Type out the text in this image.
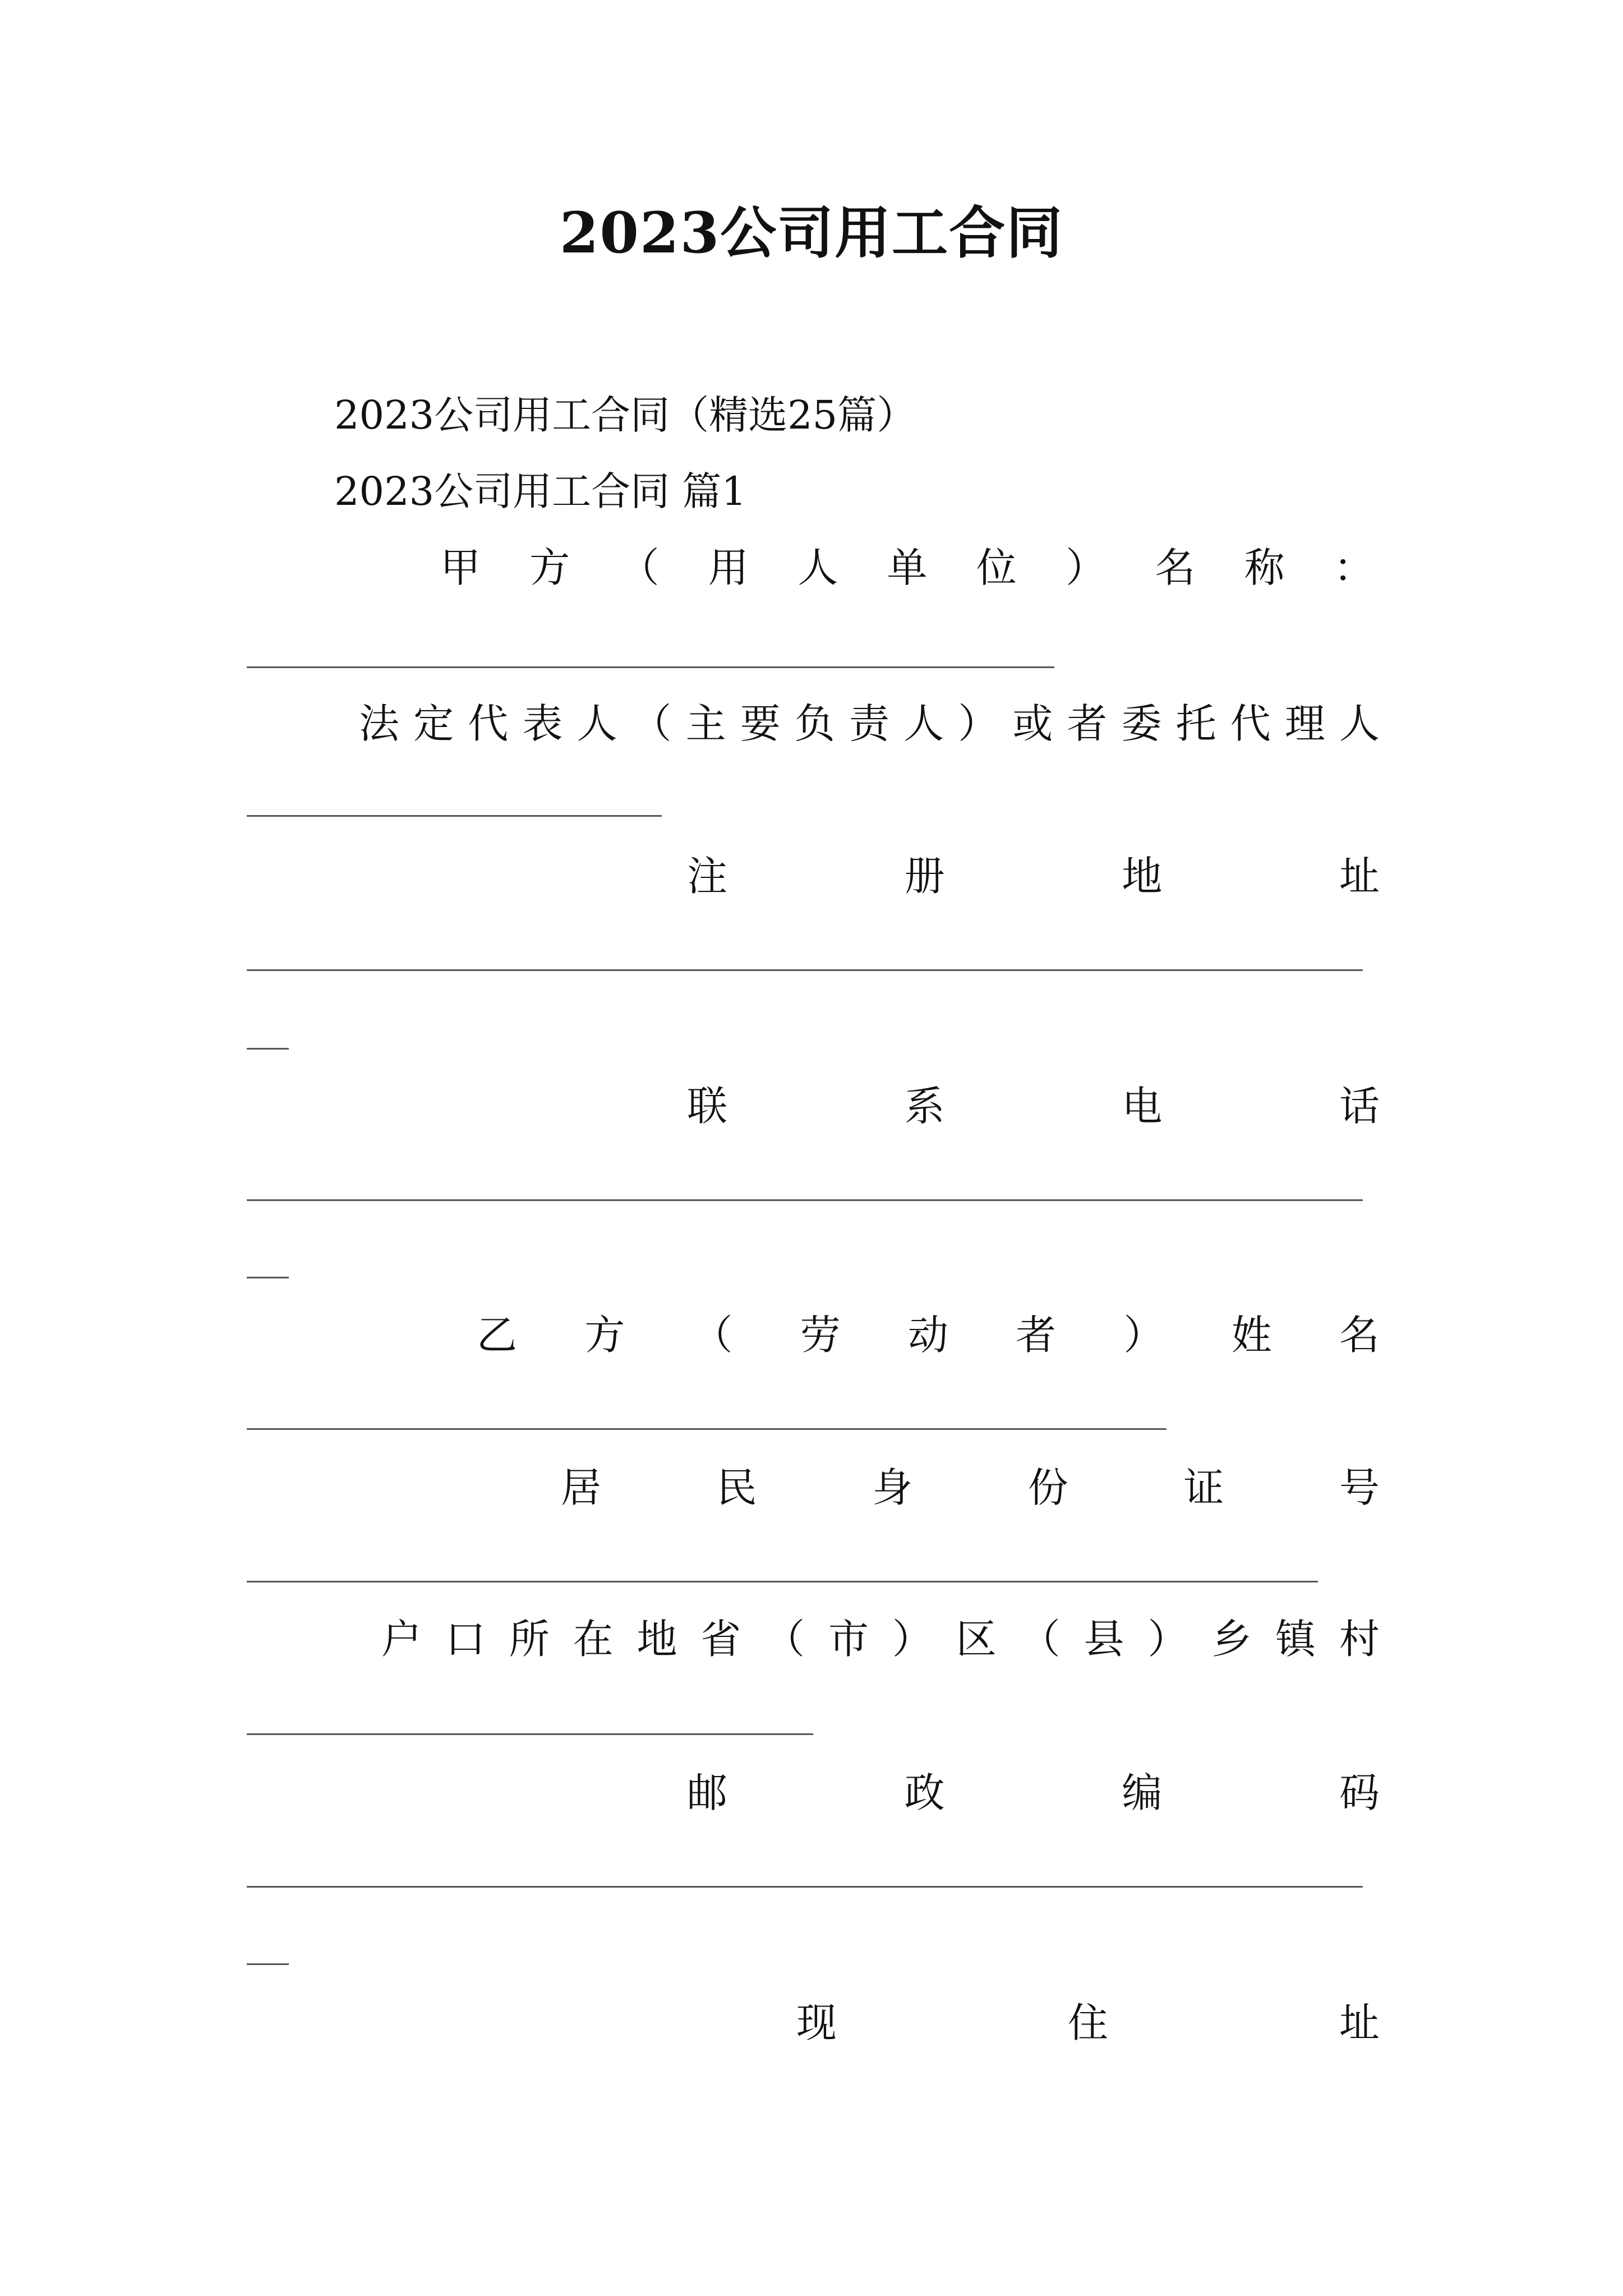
2023公司用工合同
2023公司用工合同（精选25篇）
2023公司用工合同 篇1
甲 方 （ 用 人 单 位 ） 名 称 ：
法 定 代 表 人 （ 主 要 负 责 人 ） 或 者 委 托 代 理 人
注	册	地	址
联	系	电	话
乙 方 （ 劳 动 者 ） 姓 名
居	民	身	份	证	号
户 口 所 在 地 省 （ 市 ） 区 （ 县 ） 乡 镇 村
邮	政	编	码
现	住	址
